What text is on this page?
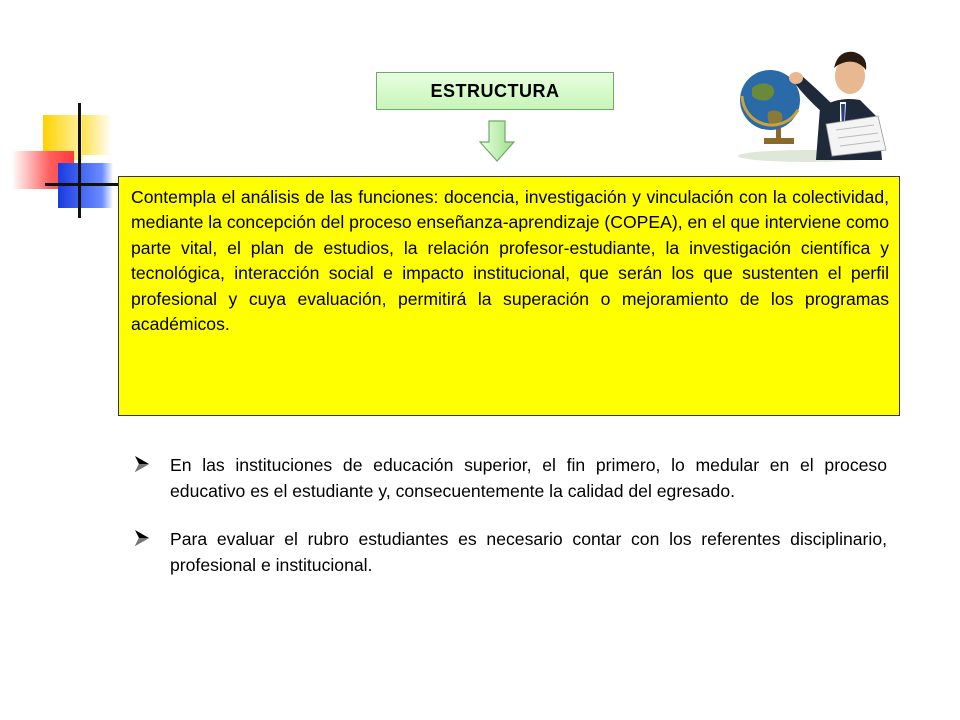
ESTRUCTURA
Contempla el análisis de las funciones: docencia, investigación y vinculación con la colectividad, mediante la concepción del proceso enseñanza-aprendizaje (COPEA), en el que interviene como parte vital, el plan de estudios, la relación profesor-estudiante, la investigación científica y tecnológica, interacción social e impacto institucional, que serán los que sustenten el perfil profesional y cuya evaluación, permitirá la superación o mejoramiento de los programas académicos.
En las instituciones de educación superior, el fin primero, lo medular en el proceso educativo es el estudiante y, consecuentemente la calidad del egresado.
Para evaluar el rubro estudiantes es necesario contar con los referentes disciplinario, profesional e institucional.
